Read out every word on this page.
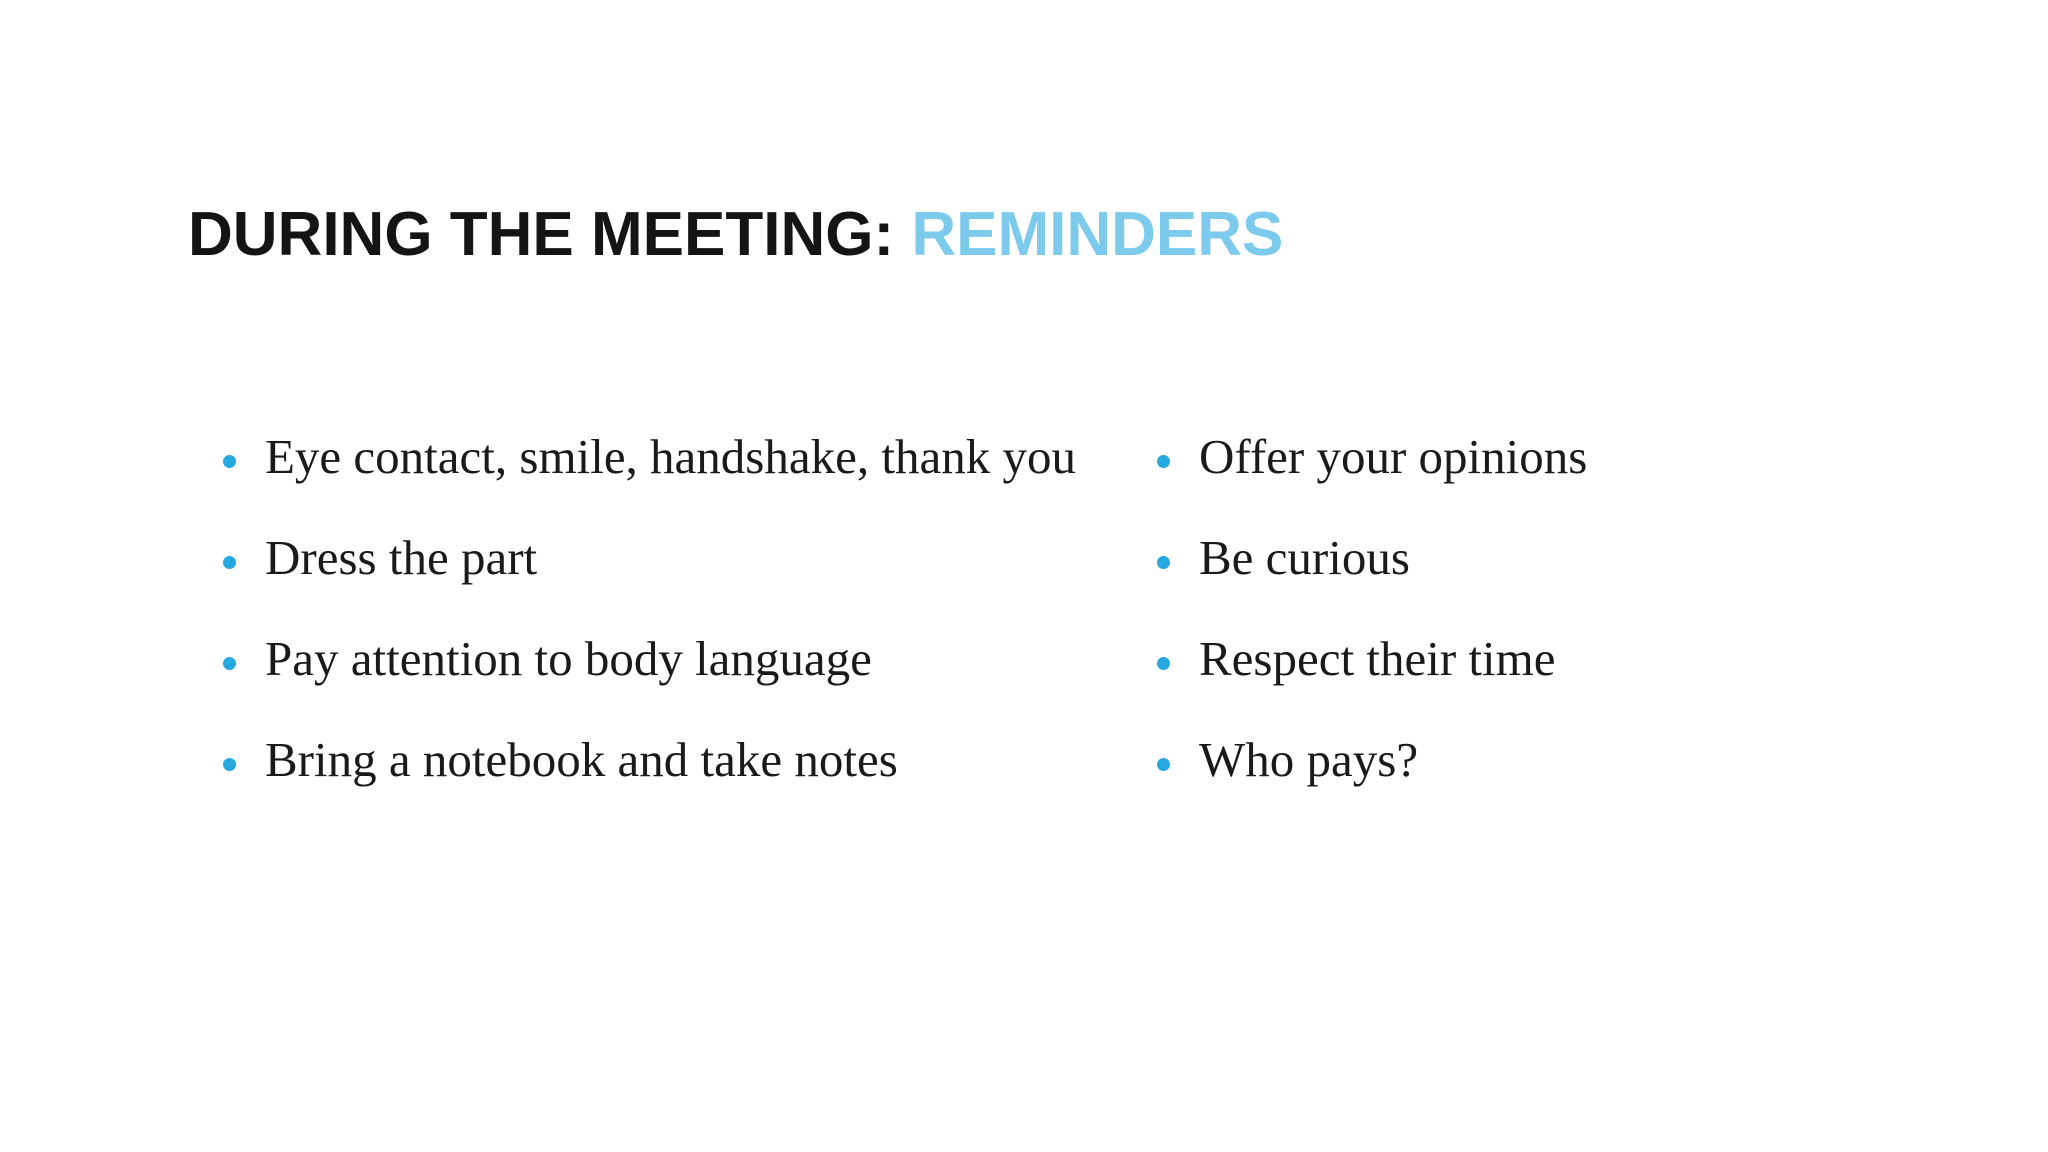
DURING THE MEETING: REMINDERS
Eye contact, smile, handshake, thank you
Dress the part
Pay attention to body language
Bring a notebook and take notes
Offer your opinions
Be curious
Respect their time
Who pays?
